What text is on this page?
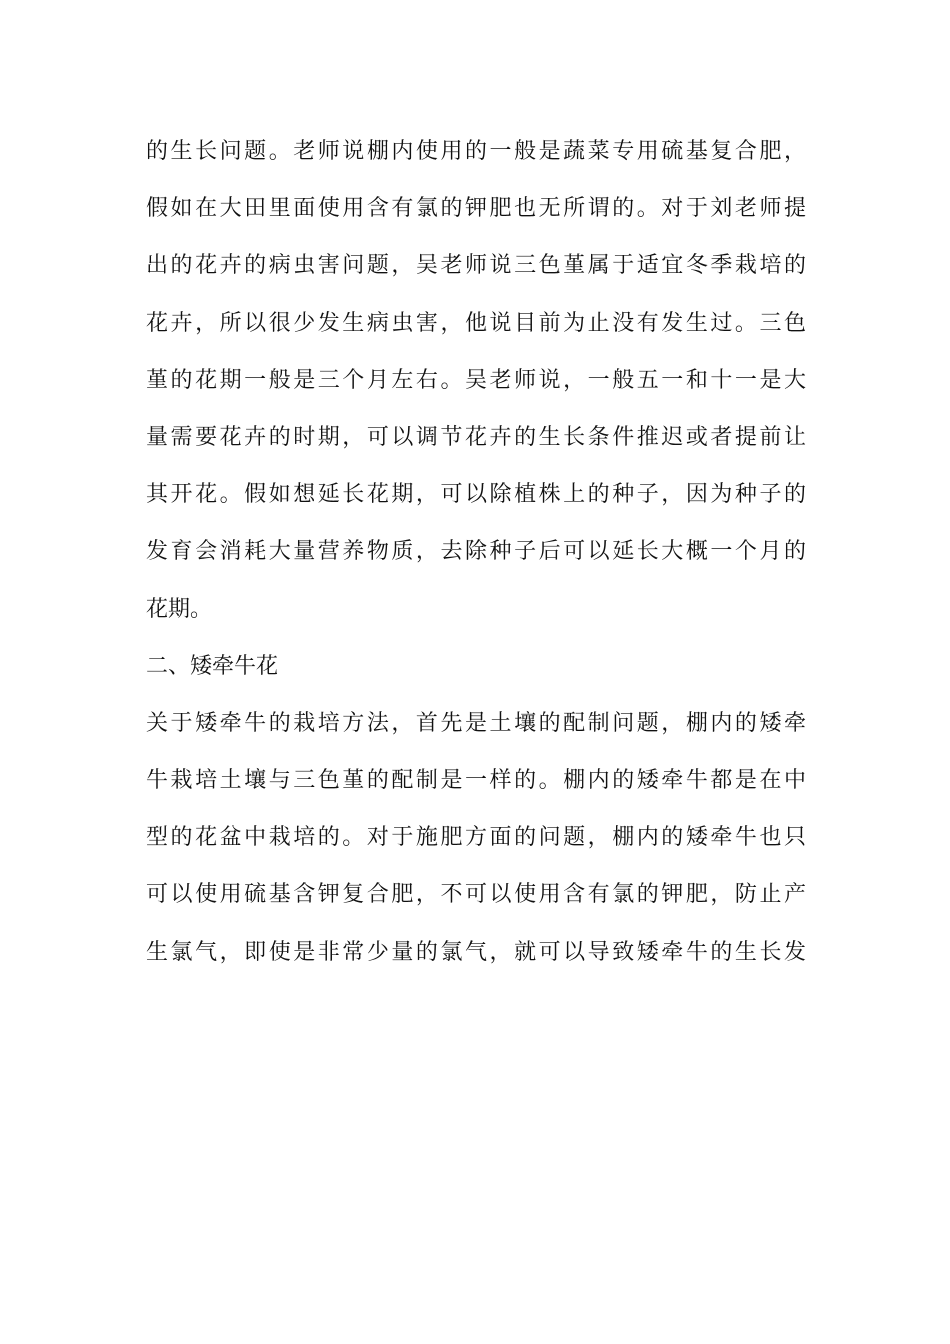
的生长问题。老师说棚内使用的一般是蔬菜专用硫基复合肥，
假如在大田里面使用含有氯的钾肥也无所谓的。对于刘老师提
出的花卉的病虫害问题，吴老师说三色堇属于适宜冬季栽培的
花卉，所以很少发生病虫害，他说目前为止没有发生过。三色
堇的花期一般是三个月左右。吴老师说，一般五一和十一是大
量需要花卉的时期，可以调节花卉的生长条件推迟或者提前让
其开花。假如想延长花期，可以除植株上的种子，因为种子的
发育会消耗大量营养物质，去除种子后可以延长大概一个月的
花期。
二、矮牵牛花
关于矮牵牛的栽培方法，首先是土壤的配制问题，棚内的矮牵
牛栽培土壤与三色堇的配制是一样的。棚内的矮牵牛都是在中
型的花盆中栽培的。对于施肥方面的问题，棚内的矮牵牛也只
可以使用硫基含钾复合肥，不可以使用含有氯的钾肥，防止产
生氯气，即使是非常少量的氯气，就可以导致矮牵牛的生长发
